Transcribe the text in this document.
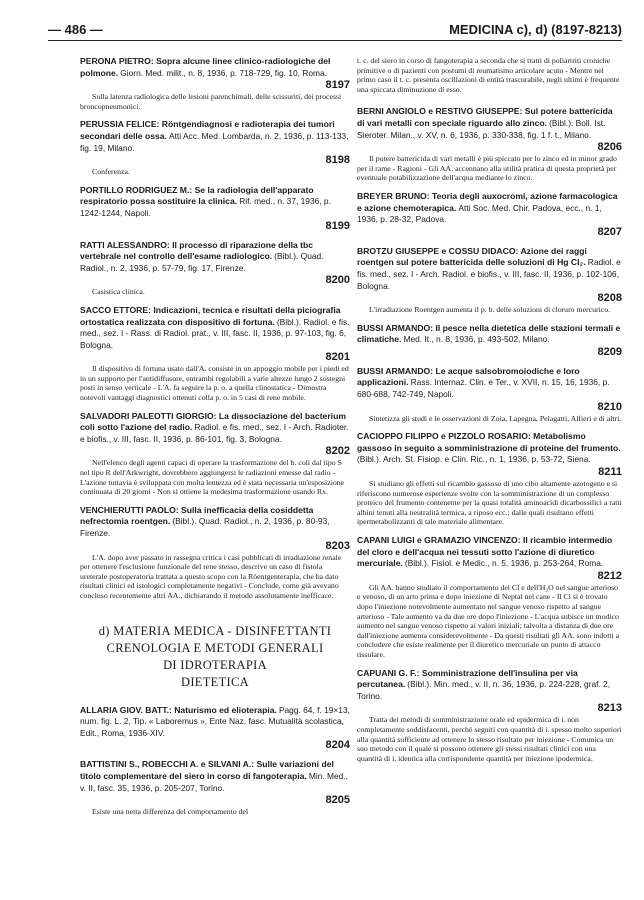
— 486 —	MEDICINA c), d) (8197-8213)
PERONA PIETRO: Sopra alcune linee clinico-radiologiche del polmone. Giorn. Med. milit., n. 8, 1936, p. 718-729, fig. 10, Roma.
8197
Sulla latenza radiologica delle lesioni parenchimali, delle scissuriti, dei processi broncopneumonici.
PERUSSIA FELICE: Röntgendiagnosi e radioterapia dei tumori secondari delle ossa. Atti Acc. Med. Lombarda, n. 2, 1936, p. 113-133, fig. 19, Milano.
8198
Conferenza.
PORTILLO RODRIGUEZ M.: Se la radiologia dell'apparato respiratorio possa sostituire la clinica. Rif. med., n. 37, 1936, p. 1242-1244, Napoli.
8199
RATTI ALESSANDRO: Il processo di riparazione della tbc vertebrale nel controllo dell'esame radiologico. (Bibl.). Quad. Radiol., n. 2, 1936, p. 57-79, fig. 17, Firenze.
8200
Casistica clinica.
SACCO ETTORE: Indicazioni, tecnica e risultati della piciografia ortostatica realizzata con dispositivo di fortuna. (Bibl.). Radiol. e fis. med., sez. I - Rass. di Radiol. prat., v. III, fasc. II, 1936, p. 97-103, fig. 6, Bologna.
8201
Il dispositivo di fortuna usato dall'A. consiste in un appoggio mobile per i piedi ed in un supporto per l'antidiffusore, entrambi regolabili a varie altezze lungo 2 sostegni posti in senso verticale - L'A. fa seguire la p. o. a quella clinostatica - Dimostra notevoli vantaggi diagnostici ottenuti colla p. o. in 5 casi di rene mobile.
SALVADORI PALEOTTI GIORGIO: La dissociazione del bacterium coli sotto l'azione del radio. Radiol. e fis. med., sez. I - Arch. Radioter. e biofis., v. III, fasc. II, 1936, p. 86-101, fig. 3, Bologna.
8202
Nell'elenco degli agenti capaci di operare la trasformazione del b. coli dal tipo S nel tipo R dell'Arkwright, dovrebbero aggiungersi le radiazioni emesse dal radio - L'azione tuttavia è sviluppata con molta lentezza ed è stata necessaria un'esposizione continuata di 20 giorni - Non si ottiene la medesima trasformazione usando Rx.
VENCHIERUTTI PAOLO: Sulla inefficacia della cosiddetta nefrectomia roentgen. (Bibl.). Quad. Radiol., n. 2, 1936, p. 80-93, Firenze.
8203
L'A. dopo aver passato in rassegna critica i casi pubblicati di irradiazione renale per ottenere l'esclusione funzionale del rene stesso, descrive un caso di fistola ureterale postoperatoria trattata a questo scopo con la Röentgenterapia, che ha dato risultati clinici ed istologici completamente negativi - Conclude, come già avevano concluso recentemente altri AA., dichiarando il metodo assolutamente inefficace.
d) MATERIA MEDICA - DISINFETTANTI
CRENOLOGIA E METODI GENERALI
DI IDROTERAPIA
DIETETICA
ALLARIA GIOV. BATT.: Naturismo ed elioterapia. Pagg. 64, f. 19×13, num. fig. L. 2, Tip. « Laboremus », Ente Naz. fasc. Mutualità scolastica, Edit., Roma, 1936-XIV.
8204
BATTISTINI S., ROBECCHI A. e SILVANI A.: Sulle variazioni del titolo complementare del siero in corso di fangoterapia. Min. Med., v. II, fasc. 35, 1936, p. 205-207, Torino.
8205
Esiste una netta differenza del comportamento del
t. c. del siero in corso di fangoterapia a seconda che si tratti di poliartriti croniche primitive o di pazienti con postumi di reumatismo articolare acuto - Mentre nel primo caso il t. c. presenta oscillazioni di entità trascurabile, negli ultimi è frequente una spiccata diminuzione di esso.
BERNI ANGIOLO e RESTIVO GIUSEPPE: Sul potere battericida di vari metalli con speciale riguardo allo zinco. (Bibl.). Boll. Ist. Sieroter. Milan., v. XV, n. 6, 1936, p. 330-338, fig. 1 f. t., Milano.
8206
Il potere battericida di vari metalli è più spiccato per lo zinco ed in minor grado per il rame - Ragioni - Gli AA. accennano alla utilità pratica di questa proprietà per eventuale potabilizzazione dell'acqua mediante lo zinco.
BREYER BRUNO: Teoria degli auxocromi, azione farmacologica e azione chemoterapica. Atti Soc. Med. Chir. Padova, ecc., n. 1, 1936, p. 28-32, Padova.
8207
BROTZU GIUSEPPE e COSSU DIDACO: Azione dei raggi roentgen sul potere battericida delle soluzioni di Hg Cl₂. Radiol. e fis. med., sez. I - Arch. Radiol. e biofis., v. III, fasc. II, 1936, p. 102-106, Bologna.
8208
L'irradiazione Roentgen aumenta il p. b. delle soluzioni di cloruro mercurico.
BUSSI ARMANDO: Il pesce nella dietetica delle stazioni termali e climatiche. Med. It., n. 8, 1936, p. 493-502, Milano.
8209
BUSSI ARMANDO: Le acque salsobromoiodiche e loro applicazioni. Rass. Internaz. Clin. e Ter., v. XVII, n. 15, 16, 1936, p. 680-688, 742-749, Napoli.
8210
Sintetizza gli studi e le osservazioni di Zoia, Lapegna, Pelagatti, Alfieri e di altri.
CACIOPPO FILIPPO e PIZZOLO ROSARIO: Metabolismo gassoso in seguito a somministrazione di proteine del frumento. (Bibl.). Arch. St. Fisiop. e Clin. Ric., n. 1, 1936, p. 53-72, Siena.
8211
Si studiano gli effetti sul ricambio gassoso di uno cibo altamente azotogeno e si riferiscono numerose esperienze svolte con la somministrazione di un complesso proteico del frumento contenente per la quasi totalità aminoacidi dicarbossilici a ratti albini tenuti alla neutralità termica, a riposo ecc.; dalle quali risultano effetti ipermetabolizzanti di tale materiale alimentare.
CAPANI LUIGI e GRAMAZIO VINCENZO: Il ricambio intermedio del cloro e dell'acqua nei tessuti sotto l'azione di diuretico mercuriale. (Bibl.). Fisiol. e Medic., n. 5, 1936, p. 253-264, Roma.
8212
Gli AA. hanno studiato il comportamento del Cl e dell'H₂O nel sangue arterioso e venoso, di un arto prima e dopo iniezione di Neptal nel cane - Il Cl si è trovato dopo l'iniezione notevolmente aumentato nel sangue venoso rispetto al sangue arterioso - Tale aumento va da due ore dopo l'iniezione - L'acqua subisce un modico aumento nel sangue venoso rispetto ai valori iniziali; talvolta a distanza di due ore dall'iniezione aumenta considerevolmente - Da questi risultati gli AA. sono indotti a concludere che esiste realmente per il diuretico mercuriale un punto di attacco tissulare.
CAPUANI G. F.: Somministrazione dell'insulina per via percutanea. (Bibl.). Min. med., v. II, n. 36, 1936, p. 224-228, graf. 2, Torino.
8213
Tratta dei metodi di somministrazione orale ed epidermica di i. non completamente soddisfacenti, perché seguiti con quantità di i. spesso molto superiori alla quantità sufficiente ad ottenere lo stesso risultato per iniezione - Comunica un suo metodo con il quale si possono ottenere gli stessi risultati clinici con una quantità di i. identica alla corrispondente quantità per iniezione ipodermica.
